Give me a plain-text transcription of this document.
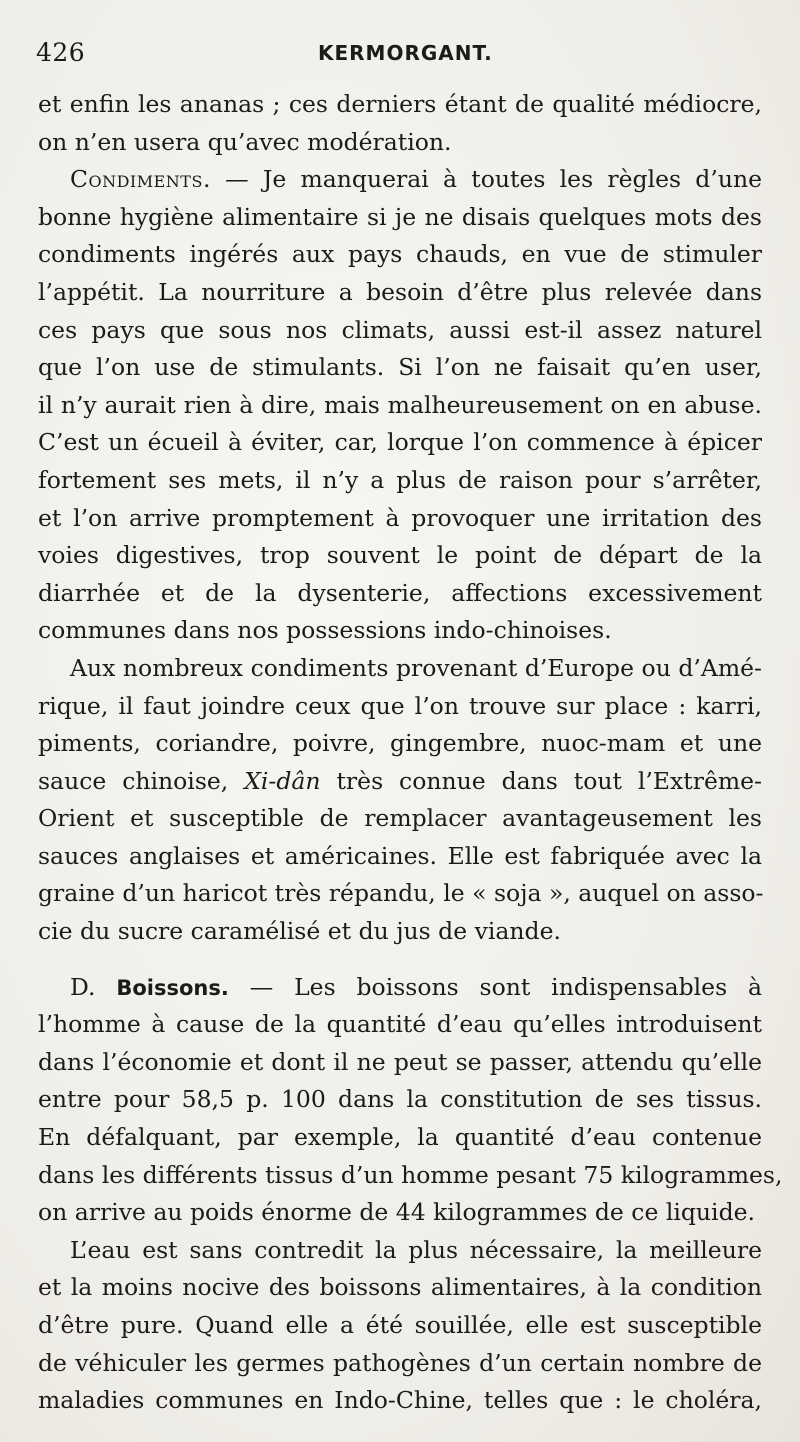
426	KERMORGANT.
et enfin les ananas ; ces derniers étant de qualité médiocre,
on n’en usera qu’avec modération.
Condiments. — Je manquerai à toutes les règles d’une
bonne hygiène alimentaire si je ne disais quelques mots des
condiments ingérés aux pays chauds, en vue de stimuler
l’appétit. La nourriture a besoin d’être plus relevée dans
ces pays que sous nos climats, aussi est-il assez naturel
que l’on use de stimulants. Si l’on ne faisait qu’en user,
il n’y aurait rien à dire, mais malheureusement on en abuse.
C’est un écueil à éviter, car, lorque l’on commence à épicer
fortement ses mets, il n’y a plus de raison pour s’arrêter,
et l’on arrive promptement à provoquer une irritation des
voies digestives, trop souvent le point de départ de la
diarrhée et de la dysenterie, affections excessivement
communes dans nos possessions indo-chinoises.
Aux nombreux condiments provenant d’Europe ou d’Amé-
rique, il faut joindre ceux que l’on trouve sur place : karri,
piments, coriandre, poivre, gingembre, nuoc-mam et une
sauce chinoise, Xi-dân très connue dans tout l’Extrême-
Orient et susceptible de remplacer avantageusement les
sauces anglaises et américaines. Elle est fabriquée avec la
graine d’un haricot très répandu, le « soja », auquel on asso-
cie du sucre caramélisé et du jus de viande.
D. Boissons. — Les boissons sont indispensables à
l’homme à cause de la quantité d’eau qu’elles introduisent
dans l’économie et dont il ne peut se passer, attendu qu’elle
entre pour 58,5 p. 100 dans la constitution de ses tissus.
En défalquant, par exemple, la quantité d’eau contenue
dans les différents tissus d’un homme pesant 75 kilogrammes,
on arrive au poids énorme de 44 kilogrammes de ce liquide.
L’eau est sans contredit la plus nécessaire, la meilleure
et la moins nocive des boissons alimentaires, à la condition
d’être pure. Quand elle a été souillée, elle est susceptible
de véhiculer les germes pathogènes d’un certain nombre de
maladies communes en Indo-Chine, telles que : le choléra,
